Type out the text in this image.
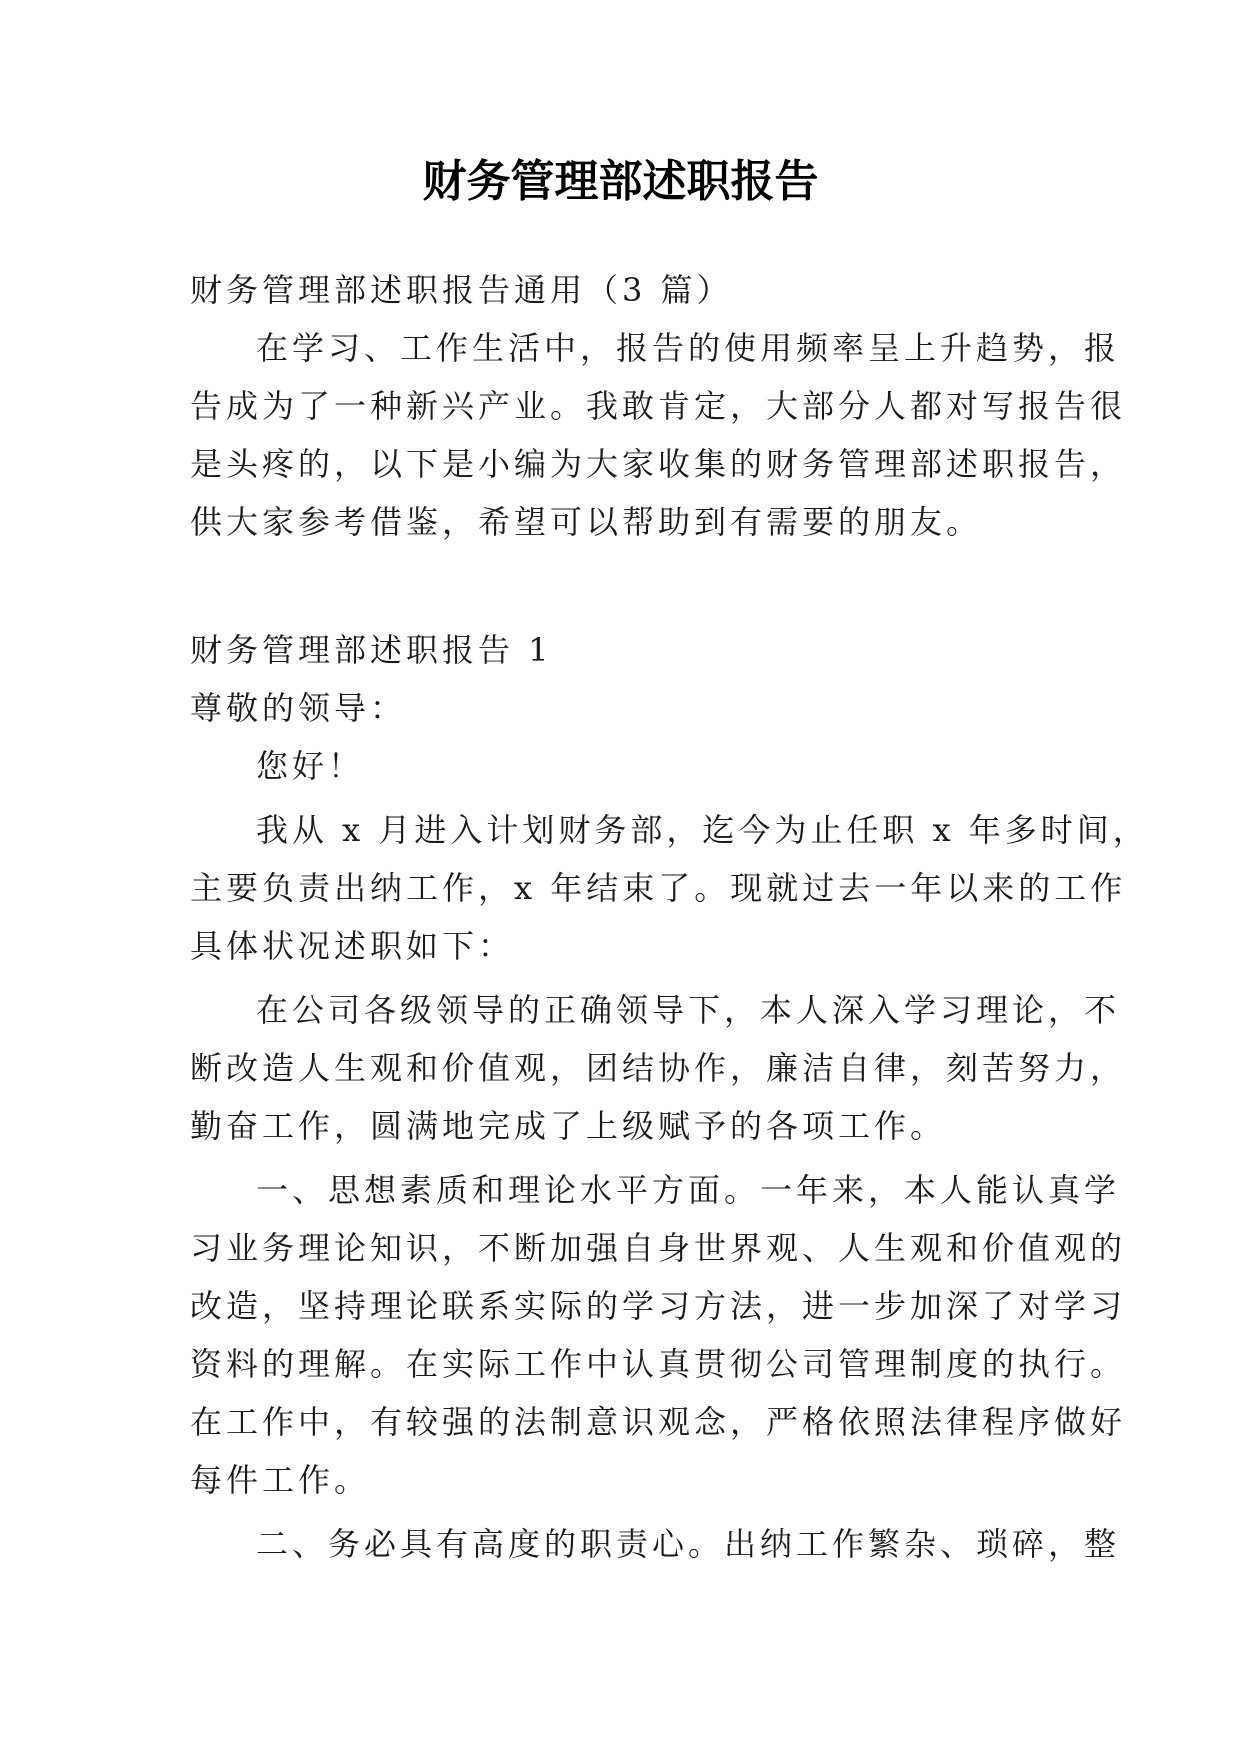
财务管理部述职报告
财务管理部述职报告通用（3 篇）
在学习、工作生活中，报告的使用频率呈上升趋势，报
告成为了一种新兴产业。我敢肯定，大部分人都对写报告很
是头疼的，以下是小编为大家收集的财务管理部述职报告，
供大家参考借鉴，希望可以帮助到有需要的朋友。
财务管理部述职报告 1
尊敬的领导：
您好！
我从 x 月进入计划财务部，迄今为止任职 x 年多时间，
主要负责出纳工作，x 年结束了。现就过去一年以来的工作
具体状况述职如下：
在公司各级领导的正确领导下，本人深入学习理论，不
断改造人生观和价值观，团结协作，廉洁自律，刻苦努力，
勤奋工作，圆满地完成了上级赋予的各项工作。
一、思想素质和理论水平方面。一年来，本人能认真学
习业务理论知识，不断加强自身世界观、人生观和价值观的
改造，坚持理论联系实际的学习方法，进一步加深了对学习
资料的理解。在实际工作中认真贯彻公司管理制度的执行。
在工作中，有较强的法制意识观念，严格依照法律程序做好
每件工作。
二、务必具有高度的职责心。出纳工作繁杂、琐碎，整
